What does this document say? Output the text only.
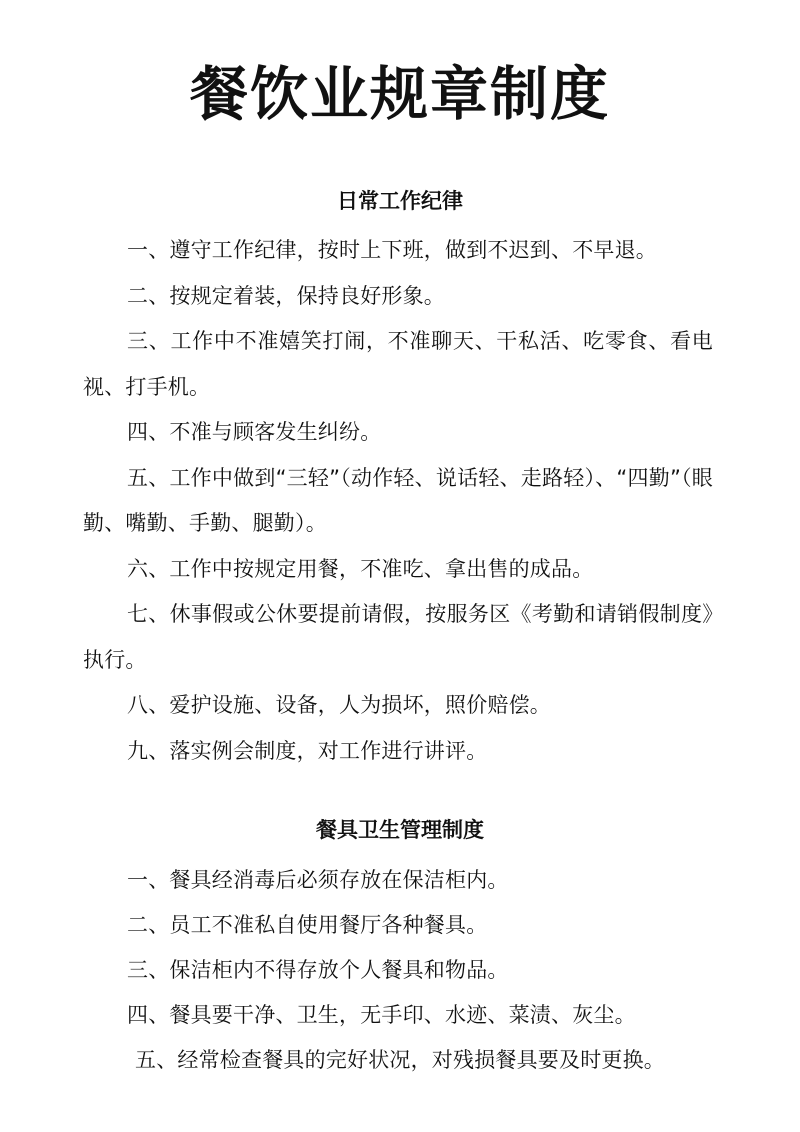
餐饮业规章制度
日常工作纪律

一、遵守工作纪律，按时上下班，做到不迟到、不早退。

二、按规定着装，保持良好形象。

三、工作中不准嬉笑打闹，不准聊天、干私活、吃零食、看电视、打手机。

四、不准与顾客发生纠纷。

五、工作中做到“三轻”（动作轻、说话轻、走路轻）、“四勤”（眼勤、嘴勤、手勤、腿勤）。

六、工作中按规定用餐，不准吃、拿出售的成品。

七、休事假或公休要提前请假，按服务区《考勤和请销假制度》执行。

八、爱护设施、设备，人为损坏，照价赔偿。

九、落实例会制度，对工作进行讲评。

餐具卫生管理制度

一、餐具经消毒后必须存放在保洁柜内。

二、员工不准私自使用餐厅各种餐具。

三、保洁柜内不得存放个人餐具和物品。

四、餐具要干净、卫生，无手印、水迹、菜渍、灰尘。

五、经常检查餐具的完好状况，对残损餐具要及时更换。
